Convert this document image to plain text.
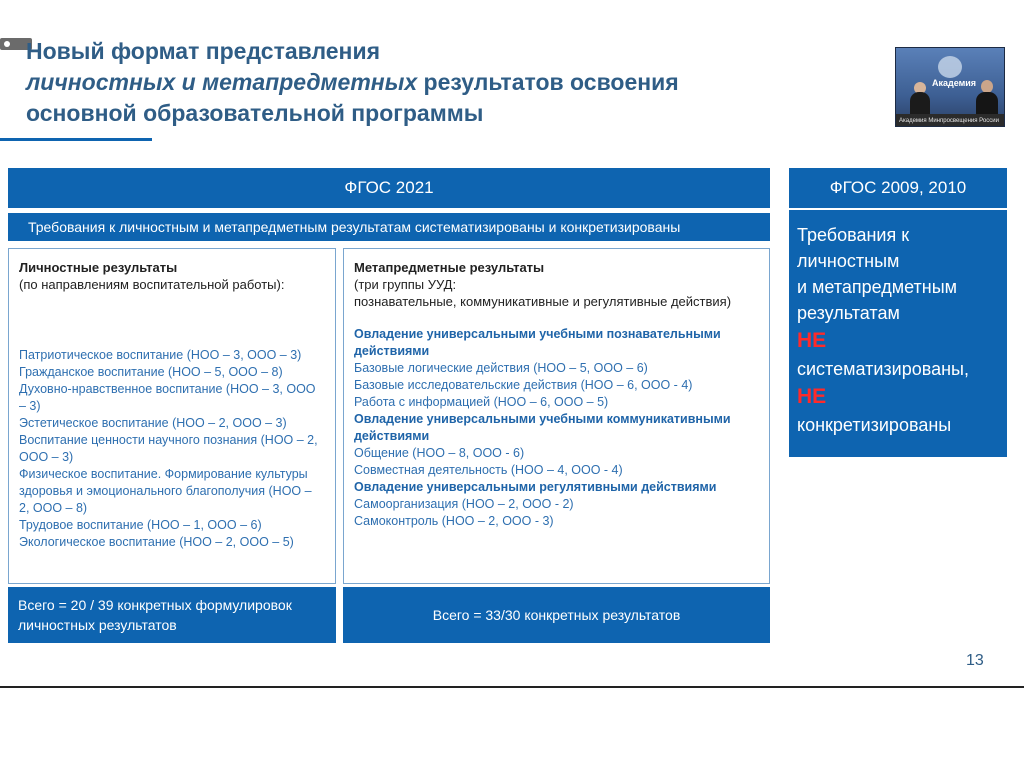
Новый формат представления
личностных и метапредметных результатов освоения
основной образовательной программы
Академия
Академия Минпросвещения России
ФГОС 2021	ФГОС 2009, 2010
Требования к личностным и метапредметным результатам систематизированы и конкретизированы	Требования к
личностным
и метапредметным
результатам
НЕ
систематизированы,
НЕ
конкретизированы
Личностные результаты
(по направлениям воспитательной работы):
Патриотическое воспитание (НОО – 3, ООО – 3)
Гражданское воспитание (НОО – 5, ООО – 8)
Духовно-нравственное воспитание (НОО – 3, ООО – 3)
Эстетическое воспитание (НОО – 2, ООО – 3)
Воспитание ценности научного познания (НОО – 2, ООО – 3)
Физическое воспитание. Формирование культуры здоровья и эмоционального благополучия (НОО – 2, ООО – 8)
Трудовое воспитание (НОО – 1, ООО – 6)
Экологическое воспитание (НОО – 2, ООО – 5)
Метапредметные результаты
(три группы УУД:
познавательные, коммуникативные и регулятивные действия)
Овладение универсальными учебными познавательными действиями
Базовые логические действия (НОО – 5, ООО – 6)
Базовые исследовательские действия (НОО – 6, ООО - 4)
Работа с информацией (НОО – 6, ООО – 5)
Овладение универсальными учебными коммуникативными действиями
Общение (НОО – 8, ООО - 6)
Совместная деятельность (НОО – 4, ООО - 4)
Овладение универсальными регулятивными действиями
Самоорганизация (НОО – 2, ООО - 2)
Самоконтроль (НОО – 2, ООО - 3)
Всего = 20 / 39 конкретных формулировок личностных результатов
Всего = 33/30 конкретных результатов
13
